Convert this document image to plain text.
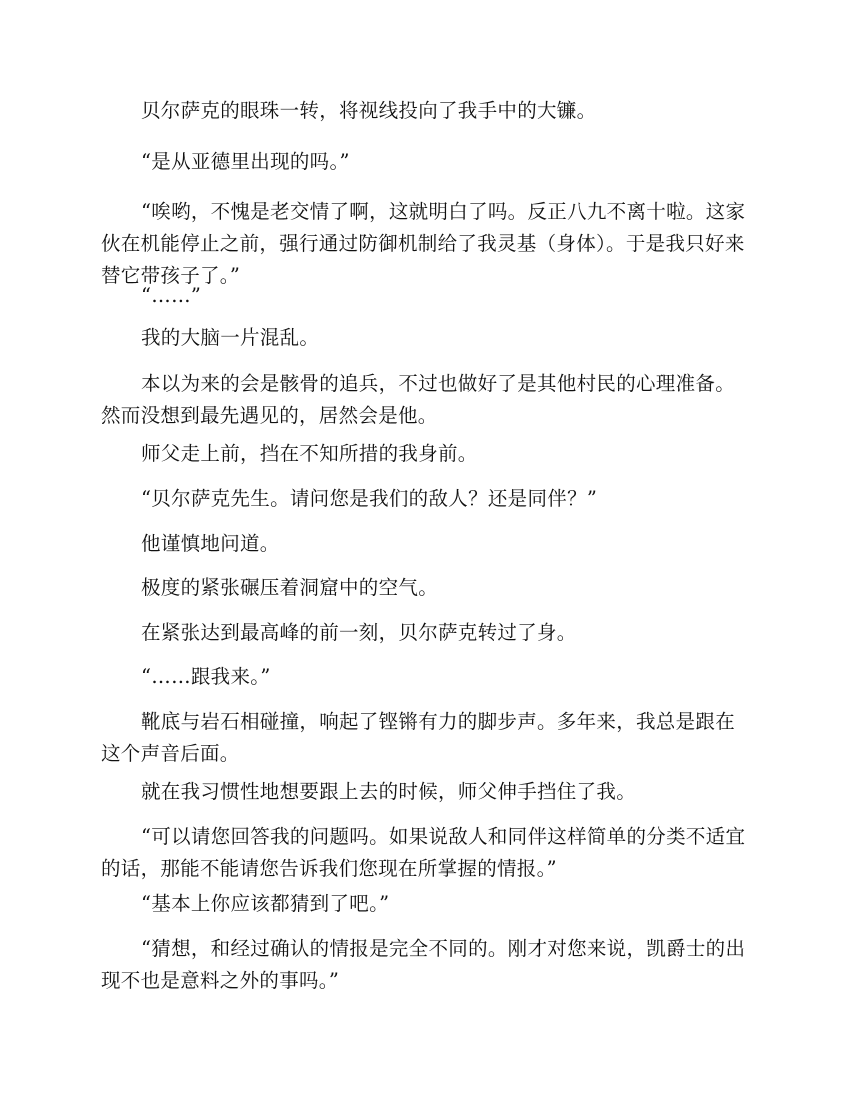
贝尔萨克的眼珠一转，将视线投向了我手中的大镰。

“是从亚德里出现的吗。”

“唉哟，不愧是老交情了啊，这就明白了吗。反正八九不离十啦。这家伙在机能停止之前，强行通过防御机制给了我灵基（身体）。于是我只好来替它带孩子了。”

“……”

我的大脑一片混乱。

本以为来的会是骸骨的追兵，不过也做好了是其他村民的心理准备。然而没想到最先遇见的，居然会是他。

师父走上前，挡在不知所措的我身前。

“贝尔萨克先生。请问您是我们的敌人？还是同伴？”

他谨慎地问道。

极度的紧张碾压着洞窟中的空气。

在紧张达到最高峰的前一刻，贝尔萨克转过了身。

“……跟我来。”

靴底与岩石相碰撞，响起了铿锵有力的脚步声。多年来，我总是跟在这个声音后面。

就在我习惯性地想要跟上去的时候，师父伸手挡住了我。

“可以请您回答我的问题吗。如果说敌人和同伴这样简单的分类不适宜的话，那能不能请您告诉我们您现在所掌握的情报。”

“基本上你应该都猜到了吧。”

“猜想，和经过确认的情报是完全不同的。刚才对您来说，凯爵士的出现不也是意料之外的事吗。”
